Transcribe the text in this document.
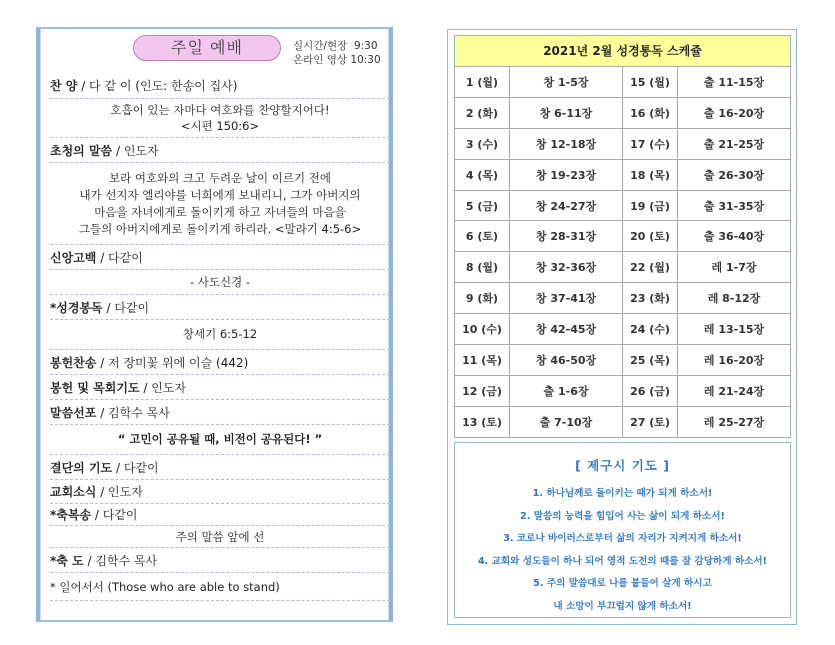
주일 예배	실시간/현장 9:30
온라인 영상 10:30
찬 양 / 다 같 이 (인도: 한송이 집사)
호흡이 있는 자마다 여호와를 찬양할지어다!
<시편 150:6>
초청의 말씀 / 인도자
보라 여호와의 크고 두려운 날이 이르기 전에
내가 선지자 엘리야를 너희에게 보내리니, 그가 아버지의
마음을 자녀에게로 돌이키게 하고 자녀들의 마음을
그들의 아버지에게로 돌이키게 하리라. <말라기 4:5-6>
신앙고백 / 다같이
- 사도신경 -
*성경봉독 / 다같이
창세기 6:5-12
봉헌찬송 / 저 장미꽃 위에 이슬 (442)
봉헌 및 목회기도 / 인도자
말씀선포 / 김학수 목사
“ 고민이 공유될 때, 비전이 공유된다! ”
결단의 기도 / 다같이
교회소식 / 인도자
*축복송 / 다같이
주의 말씀 앞에 선
*축 도 / 김학수 목사
* 일어서서 (Those who are able to stand)
2021년 2월 성경통독 스케쥴
1 (월)	창 1-5장	15 (월)	출 11-15장
2 (화)	창 6-11장	16 (화)	출 16-20장
3 (수)	창 12-18장	17 (수)	출 21-25장
4 (목)	창 19-23장	18 (목)	출 26-30장
5 (금)	창 24-27장	19 (금)	출 31-35장
6 (토)	창 28-31장	20 (토)	출 36-40장
8 (월)	창 32-36장	22 (월)	레 1-7장
9 (화)	창 37-41장	23 (화)	레 8-12장
10 (수)	창 42-45장	24 (수)	레 13-15장
11 (목)	창 46-50장	25 (목)	레 16-20장
12 (금)	출 1-6장	26 (금)	레 21-24장
13 (토)	출 7-10장	27 (토)	레 25-27장
[ 제구시 기도 ]
1. 하나님께로 돌이키는 때가 되게 하소서!
2. 말씀의 능력을 힘입어 사는 삶이 되게 하소서!
3. 코로나 바이러스로부터 삶의 자리가 지켜지게 하소서!
4. 교회와 성도들이 하나 되어 영적 도전의 때를 잘 감당하게 하소서!
5. 주의 말씀대로 나를 붙들어 살게 하시고
내 소망이 부끄럽지 않게 하소서!
